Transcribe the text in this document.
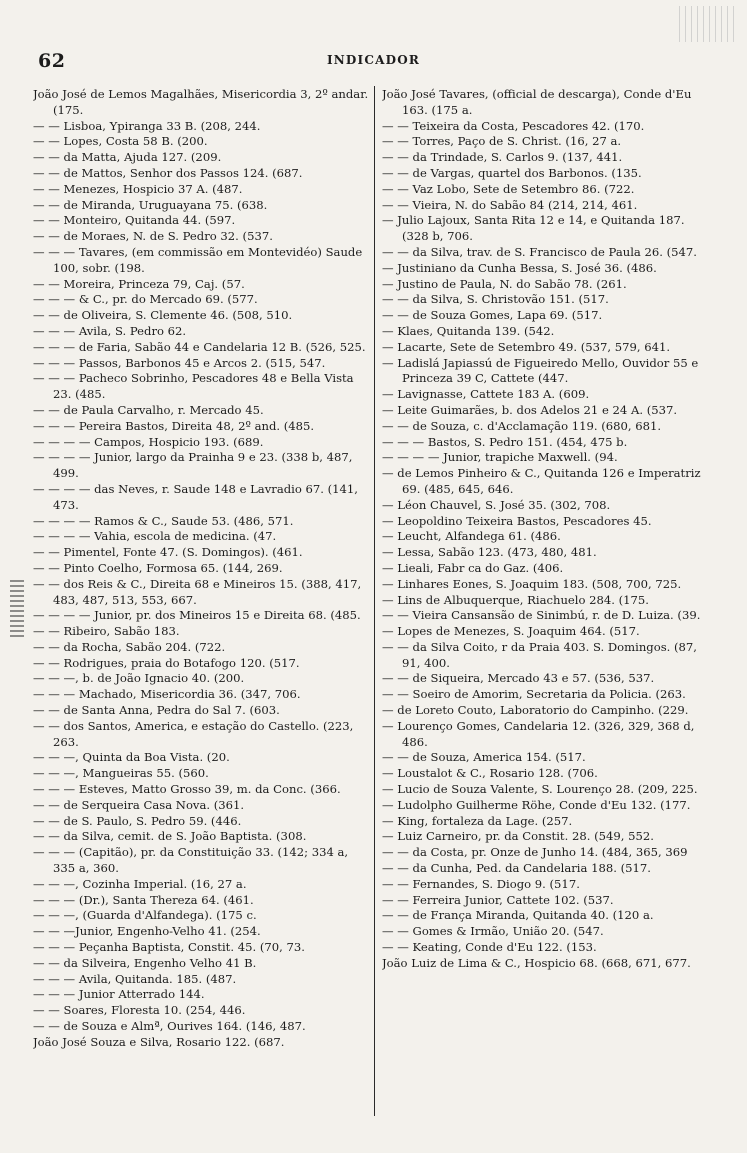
62	INDICADOR

João José de Lemos Magalhães, Misericordia 3, 2º andar. (175.

— — Lisboa, Ypiranga 33 B. (208, 244.

— — Lopes, Costa 58 B. (200.

— — da Matta, Ajuda 127. (209.

— — de Mattos, Senhor dos Passos 124. (687.

— — Menezes, Hospicio 37 A. (487.

— — de Miranda, Uruguayana 75. (638.

— — Monteiro, Quitanda 44. (597.

— — de Moraes, N. de S. Pedro 32. (537.

— — — Tavares, (em commissão em Montevidéo) Saude 100, sobr. (198.

— — Moreira, Princeza 79, Caj. (57.

— — — & C., pr. do Mercado 69. (577.

— — de Oliveira, S. Clemente 46. (508, 510.

— — — Avila, S. Pedro 62.

— — — de Faria, Sabão 44 e Candelaria 12 B. (526, 525.

— — — Passos, Barbonos 45 e Arcos 2. (515, 547.

— — — Pacheco Sobrinho, Pescadores 48 e Bella Vista 23. (485.

— — de Paula Carvalho, r. Mercado 45.

— — — Pereira Bastos, Direita 48, 2º and. (485.

— — — — Campos, Hospicio 193. (689.

— — — — Junior, largo da Prainha 9 e 23. (338 b, 487, 499.

— — — — das Neves, r. Saude 148 e Lavradio 67. (141, 473.

— — — — Ramos & C., Saude 53. (486, 571.

— — — — Vahia, escola de medicina. (47.

— — Pimentel, Fonte 47. (S. Domingos). (461.

— — Pinto Coelho, Formosa 65. (144, 269.

— — dos Reis & C., Direita 68 e Mineiros 15. (388, 417, 483, 487, 513, 553, 667.

— — — — Junior, pr. dos Mineiros 15 e Direita 68. (485.

— — Ribeiro, Sabão 183.

— — da Rocha, Sabão 204. (722.

— — Rodrigues, praia do Botafogo 120. (517.

— — —, b. de João Ignacio 40. (200.

— — — Machado, Misericordia 36. (347, 706.

— — de Santa Anna, Pedra do Sal 7. (603.

— — dos Santos, America, e estação do Castello. (223, 263.

— — —, Quinta da Boa Vista. (20.

— — —, Mangueiras 55. (560.

— — — Esteves, Matto Grosso 39, m. da Conc. (366.

— — de Serqueira Casa Nova. (361.

— — de S. Paulo, S. Pedro 59. (446.

— — da Silva, cemit. de S. João Baptista. (308.

— — — (Capitão), pr. da Constituição 33. (142; 334 a, 335 a, 360.

— — —, Cozinha Imperial. (16, 27 a.

— — — (Dr.), Santa Thereza 64. (461.

— — —, (Guarda d'Alfandega). (175 c.

— — —Junior, Engenho-Velho 41. (254.

— — — Peçanha Baptista, Constit. 45. (70, 73.

— — da Silveira, Engenho Velho 41 B.

— — — Avila, Quitanda. 185. (487.

— — — Junior Atterrado 144.

— — Soares, Floresta 10. (254, 446.

— — de Souza e Almª, Ourives 164. (146, 487.

João José Souza e Silva, Rosario 122. (687.

João José Tavares, (official de descarga), Conde d'Eu 163. (175 a.

— — Teixeira da Costa, Pescadores 42. (170.

— — Torres, Paço de S. Christ. (16, 27 a.

— — da Trindade, S. Carlos 9. (137, 441.

— — de Vargas, quartel dos Barbonos. (135.

— — Vaz Lobo, Sete de Setembro 86. (722.

— — Vieira, N. do Sabão 84 (214, 214, 461.

— Julio Lajoux, Santa Rita 12 e 14, e Quitanda 187. (328 b, 706.

— — da Silva, trav. de S. Francisco de Paula 26. (547.

— Justiniano da Cunha Bessa, S. José 36. (486.

— Justino de Paula, N. do Sabão 78. (261.

— — da Silva, S. Christovão 151. (517.

— — de Souza Gomes, Lapa 69. (517.

— Klaes, Quitanda 139. (542.

— Lacarte, Sete de Setembro 49. (537, 579, 641.

— Ladislá Japiassú de Figueiredo Mello, Ouvidor 55 e Princeza 39 C, Cattete (447.

— Lavignasse, Cattete 183 A. (609.

— Leite Guimarães, b. dos Adelos 21 e 24 A. (537.

— — de Souza, c. d'Acclamação 119. (680, 681.

— — — Bastos, S. Pedro 151. (454, 475 b.

— — — — Junior, trapiche Maxwell. (94.

— de Lemos Pinheiro & C., Quitanda 126 e Imperatriz 69. (485, 645, 646.

— Léon Chauvel, S. José 35. (302, 708.

— Leopoldino Teixeira Bastos, Pescadores 45.

— Leucht, Alfandega 61. (486.

— Lessa, Sabão 123. (473, 480, 481.

— Lieali, Fabr ca do Gaz. (406.

— Linhares Eones, S. Joaquim 183. (508, 700, 725.

— Lins de Albuquerque, Riachuelo 284. (175.

— — Vieira Cansansão de Sinimbú, r. de D. Luiza. (39.

— Lopes de Menezes, S. Joaquim 464. (517.

— — da Silva Coito, r da Praia 403. S. Domingos. (87, 91, 400.

— — de Siqueira, Mercado 43 e 57. (536, 537.

— — Soeiro de Amorim, Secretaria da Policia. (263.

— de Loreto Couto, Laboratorio do Campinho. (229.

— Lourenço Gomes, Candelaria 12. (326, 329, 368 d, 486.

— — de Souza, America 154. (517.

— Loustalot & C., Rosario 128. (706.

— Lucio de Souza Valente, S. Lourenço 28. (209, 225.

— Ludolpho Guilherme Röhe, Conde d'Eu 132. (177.

— King, fortaleza da Lage. (257.

— Luiz Carneiro, pr. da Constit. 28. (549, 552.

— — da Costa, pr. Onze de Junho 14. (484, 365, 369

— — da Cunha, Ped. da Candelaria 188. (517.

— — Fernandes, S. Diogo 9. (517.

— — Ferreira Junior, Cattete 102. (537.

— — de França Miranda, Quitanda 40. (120 a.

— — Gomes & Irmão, União 20. (547.

— — Keating, Conde d'Eu 122. (153.

João Luiz de Lima & C., Hospicio 68. (668, 671, 677.
